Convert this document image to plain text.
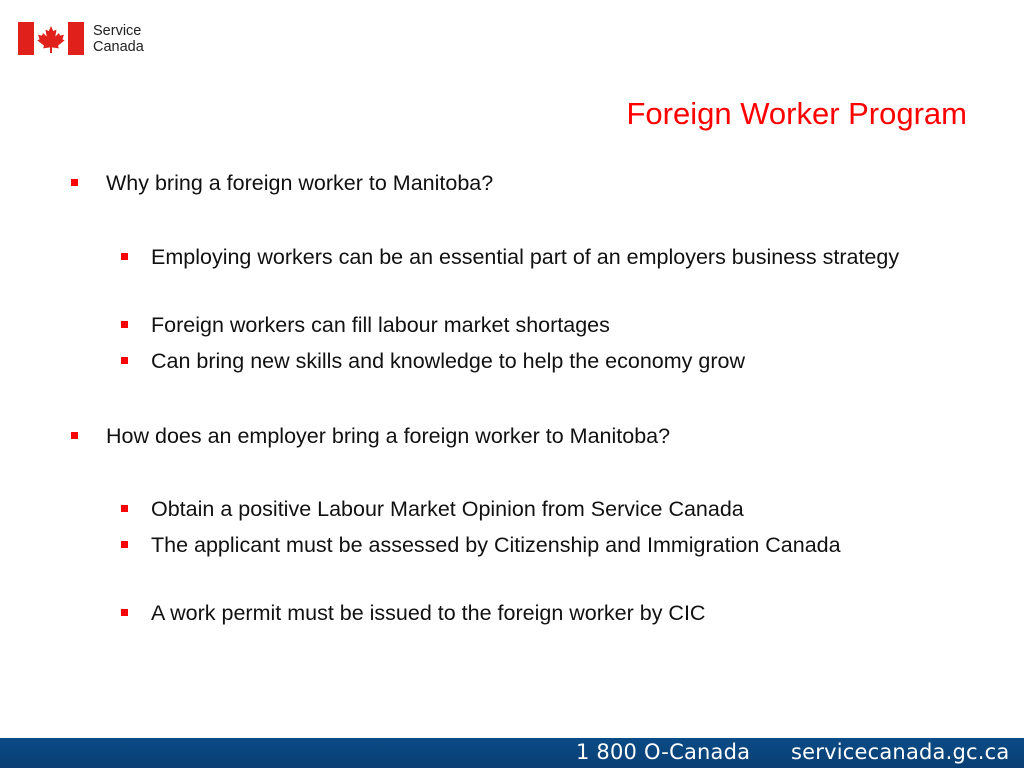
Service
Canada
Foreign Worker Program
Why bring a foreign worker to Manitoba?
Employing workers can be an essential part of an employers business strategy
Foreign workers can fill labour market shortages
Can bring new skills and knowledge to help the economy grow
How does an employer bring a foreign worker to Manitoba?
Obtain a positive Labour Market Opinion from Service Canada
The applicant must be assessed by Citizenship and Immigration Canada
A work permit must be issued to the foreign worker by CIC
1 800 O-Canada servicecanada.gc.ca
